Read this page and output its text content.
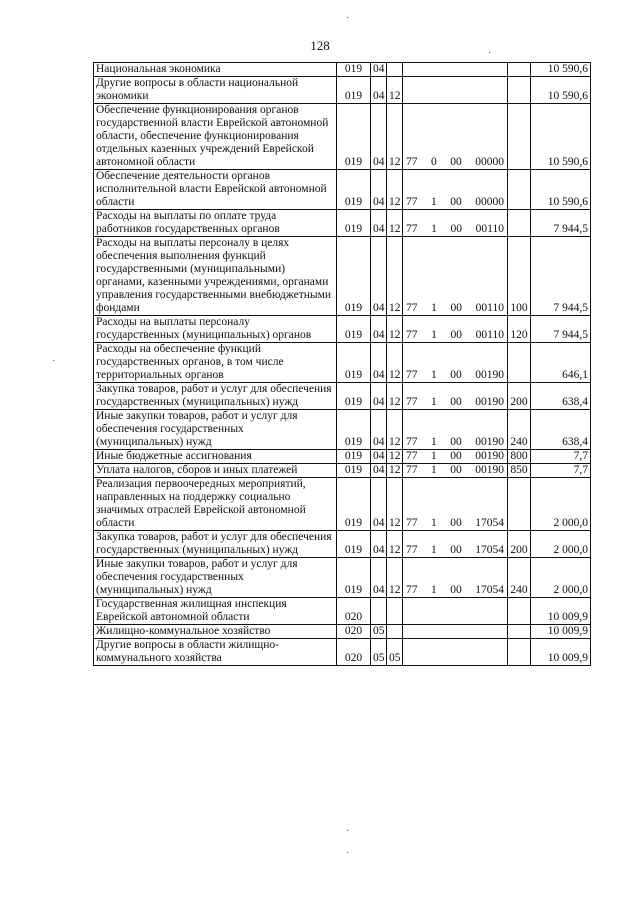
128
Национальная экономика	019	04				10 590,6
Другие вопросы в области национальной экономики	019	04	12			10 590,6
Обеспечение функционирования органов государственной власти Еврейской автономной области, обеспечение функционирования отдельных казенных учреждений Еврейской автономной области	019	04	12	77 0 00 00000		10 590,6
Обеспечение деятельности органов исполнительной власти Еврейской автономной области	019	04	12	77 1 00 00000		10 590,6
Расходы на выплаты по оплате труда работников государственных органов	019	04	12	77 1 00 00110		7 944,5
Расходы на выплаты персоналу в целях обеспечения выполнения функций государственными (муниципальными) органами, казенными учреждениями, органами управления государственными внебюджетными фондами	019	04	12	77 1 00 00110	100	7 944,5
Расходы на выплаты персоналу государственных (муниципальных) органов	019	04	12	77 1 00 00110	120	7 944,5
Расходы на обеспечение функций государственных органов, в том числе территориальных органов	019	04	12	77 1 00 00190		646,1
Закупка товаров, работ и услуг для обеспечения государственных (муниципальных) нужд	019	04	12	77 1 00 00190	200	638,4
Иные закупки товаров, работ и услуг для обеспечения государственных (муниципальных) нужд	019	04	12	77 1 00 00190	240	638,4
Иные бюджетные ассигнования	019	04	12	77 1 00 00190	800	7,7
Уплата налогов, сборов и иных платежей	019	04	12	77 1 00 00190	850	7,7
Реализация первоочередных мероприятий, направленных на поддержку социально значимых отраслей Еврейской автономной области	019	04	12	77 1 00 17054		2 000,0
Закупка товаров, работ и услуг для обеспечения государственных (муниципальных) нужд	019	04	12	77 1 00 17054	200	2 000,0
Иные закупки товаров, работ и услуг для обеспечения государственных (муниципальных) нужд	019	04	12	77 1 00 17054	240	2 000,0
Государственная жилищная инспекция Еврейской автономной области	020					10 009,9
Жилищно-коммунальное хозяйство	020	05				10 009,9
Другие вопросы в области жилищно-коммунального хозяйства	020	05	05			10 009,9
·
·
·
·
·
